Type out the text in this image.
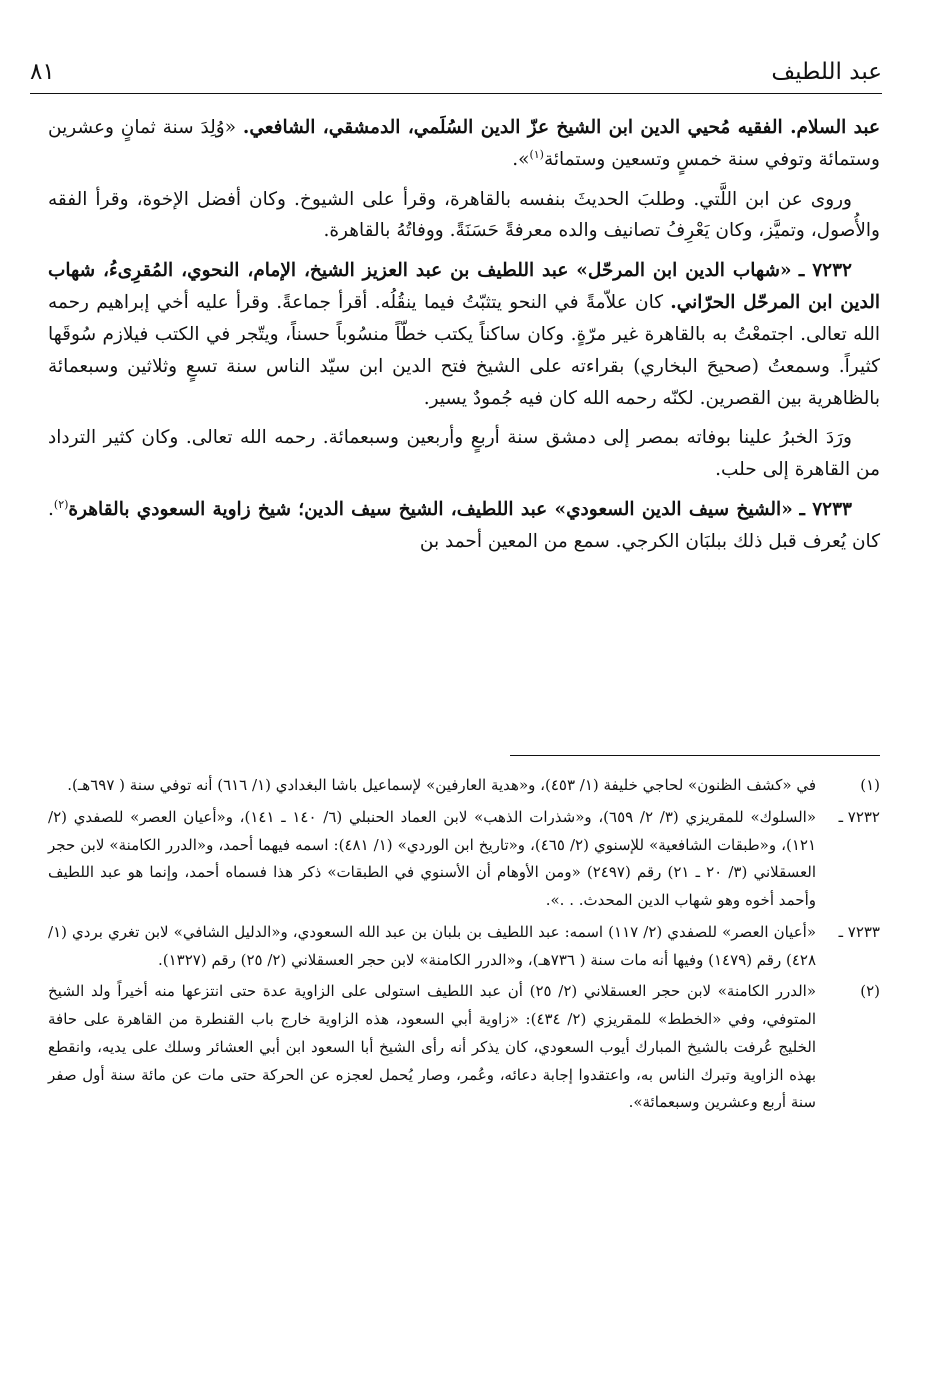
عبد اللطيف
٨١

عبد السلام. الفقيه مُحيي الدين ابن الشيخ عزّ الدين السُلَمي، الدمشقي، الشافعي. «وُلِدَ سنة ثمانٍ وعشرين وستمائة وتوفي سنة خمسٍ وتسعين وستمائة$^{(١)}$».

وروى عن ابن اللَّتي. وطلبَ الحديثَ بنفسه بالقاهرة، وقرأ على الشيوخ. وكان أفضل الإخوة، وقرأ الفقه والأُصول، وتميَّز، وكان يَعْرِفُ تصانيف والده معرفةً حَسَنَةً. ووفاتُهُ بالقاهرة.

٧٢٣٢ ـ «شهاب الدين ابن المرحّل» عبد اللطيف بن عبد العزيز الشيخ، الإمام، النحوي، المُقرِىءُ، شهاب الدين ابن المرحّل الحرّاني. كان علاّمةً في النحو يتثبّتُ فيما ينقُلُه. أقرأ جماعةً. وقرأ عليه أخي إبراهيم رحمه الله تعالى. اجتمعْتُ به بالقاهرة غير مرّةٍ. وكان ساكناً يكتب خطّاً منسُوباً حسناً، ويتّجر في الكتب فيلازم سُوقَها كثيراً. وسمعتُ (صحيحَ البخاري) بقراءته على الشيخ فتح الدين ابن سيّد الناس سنة تسعٍ وثلاثين وسبعمائة بالظاهرية بين القصرين. لكنّه رحمه الله كان فيه جُمودٌ يسير.

ورَدَ الخبرُ علينا بوفاته بمصر إلى دمشق سنة أربعٍ وأربعين وسبعمائة. رحمه الله تعالى. وكان كثير الترداد من القاهرة إلى حلب.

٧٢٣٣ ـ «الشيخ سيف الدين السعودي» عبد اللطيف، الشيخ سيف الدين؛ شيخ زاوية السعودي بالقاهرة$^{(٢)}$. كان يُعرف قبل ذلك ببلبَان الكرجي. سمع من المعين أحمد بن

(١)
في «كشف الظنون» لحاجي خليفة (١/ ٤٥٣)، و«هدية العارفين» لإسماعيل باشا البغدادي (١/ ٦١٦) أنه توفي سنة ( ٦٩٧هـ).
٧٢٣٢ ـ
«السلوك» للمقريزي (٣/ ٢/ ٦٥٩)، و«شذرات الذهب» لابن العماد الحنبلي (٦/ ١٤٠ ـ ١٤١)، و«أعيان العصر» للصفدي (٢/ ١٢١)، و«طبقات الشافعية» للإسنوي (٢/ ٤٦٥)، و«تاريخ ابن الوردي» (١/ ٤٨١): اسمه فيهما أحمد، و«الدرر الكامنة» لابن حجر العسقلاني (٣/ ٢٠ ـ ٢١) رقم (٢٤٩٧) «ومن الأوهام أن الأسنوي في الطبقات» ذكر هذا فسماه أحمد، وإنما هو عبد اللطيف وأحمد أخوه وهو شهاب الدين المحدث. . .».
٧٢٣٣ ـ
«أعيان العصر» للصفدي (٢/ ١١٧) اسمه: عبد اللطيف بن بلبان بن عبد الله السعودي، و«الدليل الشافي» لابن تغري بردي (١/ ٤٢٨) رقم (١٤٧٩) وفيها أنه مات سنة ( ٧٣٦هـ)، و«الدرر الكامنة» لابن حجر العسقلاني (٢/ ٢٥) رقم (١٣٢٧).
(٢)
«الدرر الكامنة» لابن حجر العسقلاني (٢/ ٢٥) أن عبد اللطيف استولى على الزاوية عدة حتى انتزعها منه أخيراً ولد الشيخ المتوفي، وفي «الخطط» للمقريزي (٢/ ٤٣٤): «زاوية أبي السعود، هذه الزاوية خارج باب القنطرة من القاهرة على حافة الخليج عُرفت بالشيخ المبارك أيوب السعودي، كان يذكر أنه رأى الشيخ أبا السعود ابن أبي العشائر وسلك على يديه، وانقطع بهذه الزاوية وتبرك الناس به، واعتقدوا إجابة دعائه، وعُمر، وصار يُحمل لعجزه عن الحركة حتى مات عن مائة سنة أول صفر سنة أربع وعشرين وسبعمائة».
